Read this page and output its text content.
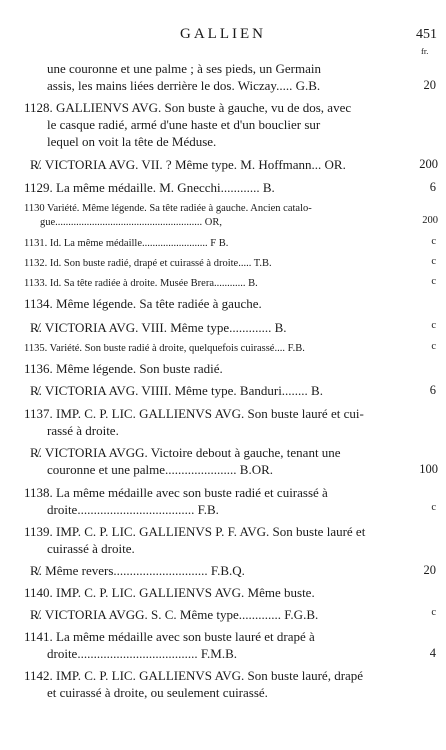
GALLIEN	451
fr.
une couronne et une palme ; à ses pieds, un Germain
assis, les mains liées derrière le dos. Wiczay..... G.B.
1128. GALLIENVS AVG. Son buste à gauche, vu de dos, avec
le casque radié, armé d'une haste et d'un bouclier sur
lequel on voit la tête de Méduse.
R̸. VICTORIA AVG. VII. ? Même type. M. Hoffmann... OR.
1129. La même médaille. M. Gnecchi............ B.
1130 Variété. Même légende. Sa tête radiée à gauche. Ancien catalo-
gue........................................................ OR,
1131. Id. La même médaille......................... F B.
1132. Id. Son buste radié, drapé et cuirassé à droite..... T.B.
1133. Id. Sa tête radiée à droite. Musée Brera............ B.
1134. Même légende. Sa tête radiée à gauche.
R̸. VICTORIA AVG. VIII. Même type............. B.
1135. Variété. Son buste radié à droite, quelquefois cuirassé.... F.B.
1136. Même légende. Son buste radié.
R̸. VICTORIA AVG. VIIII. Même type. Banduri........ B.
1137. IMP. C. P. LIC. GALLIENVS AVG. Son buste lauré et cui-
rassé à droite.
R̸. VICTORIA AVGG. Victoire debout à gauche, tenant une
couronne et une palme...................... B.OR.
1138. La même médaille avec son buste radié et cuirassé à
droite.................................... F.B.
1139. IMP. C. P. LIC. GALLIENVS P. F. AVG. Son buste lauré et
cuirassé à droite.
R̸. Même revers............................. F.B.Q.
1140. IMP. C. P. LIC. GALLIENVS AVG. Même buste.
R̸. VICTORIA AVGG. S. C. Même type............. F.G.B.
1141. La même médaille avec son buste lauré et drapé à
droite..................................... F.M.B.
1142. IMP. C. P. LIC. GALLIENVS AVG. Son buste lauré, drapé
et cuirassé à droite, ou seulement cuirassé.
20
200
6
200
c
c
c
c
c
6
100
c
20
c
4
